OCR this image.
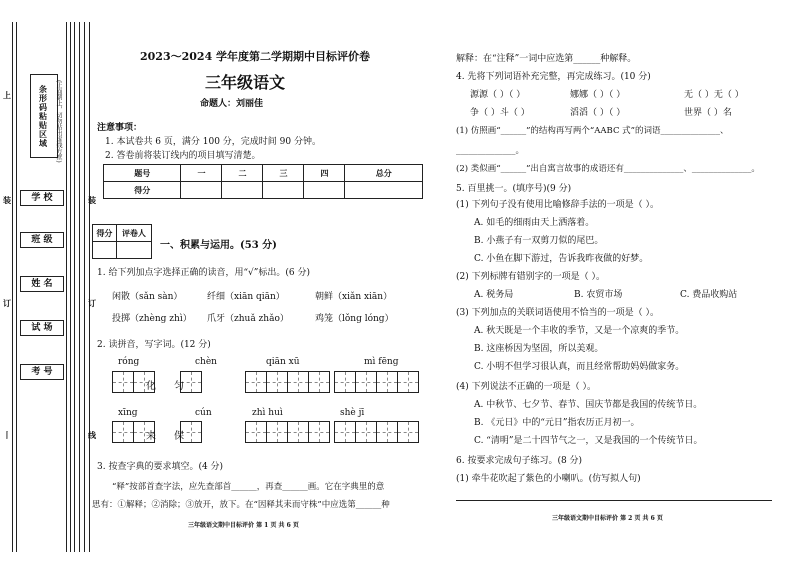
上
装
订
丨
装
订
线
条形码粘贴区域 (正面朝上，切勿贴出虚线方框)
学 校
班 级
姓 名
试 场
考 号
2023～2024 学年度第二学期期中目标评价卷
三年级语文
命题人：刘丽佳
注意事项：
1. 本试卷共 6 页，满分 100 分，完成时间 90 分钟。
2. 答卷前将装订线内的项目填写清楚。
题号	一	二	三	四	总分
得分					
得分	评卷人

一、积累与运用。(53 分)
1. 给下列加点字选择正确的读音，用“√”标出。(6 分)
闲散（sǎn sàn）	纤细（xiān qiān）	朝鲜（xiǎn xiān）
投掷（zhèng zhì） 爪牙（zhuǎ zhǎo）	鸡笼（lǒng lóng）
2. 读拼音，写字词。(12 分)
róng	chèn	qiān xū	mì fēng
化 匀
xīng	cún	zhì huì	shè jī
来 保
3. 按查字典的要求填空。(4 分)
“释”按部首查字法，应先查部首______，再查______画。它在字典里的意
思有：①解释；②消除；③放开，放下。在“因释其耒而守株”中应选第______种
三年级语文期中目标评价 第 1 页 共 6 页
解释：在“注释”一词中应选第______种解释。
4. 先将下列词语补充完整，再完成练习。(10 分)
源源（ ）（ ）	娜娜（ ）（ ）	无（ ）无（ ）
争（ ）斗（ ）	滔滔（ ）（ ）	世界（ ）名
(1) 仿照画“______”的结构再写两个“AABC 式”的词语______________、
______________。
(2) 类似画“______”出自寓言故事的成语还有______________、______________。
5. 百里挑一。(填序号)(9 分)
(1) 下列句子没有使用比喻修辞手法的一项是（ ）。
A. 如毛的细雨由天上洒落着。
B. 小燕子有一双剪刀似的尾巴。
C. 小鱼在脚下游过，告诉我昨夜做的好梦。
(2) 下列标牌有错别字的一项是（ ）。
A. 税务局	B. 农贸市场	C. 费品收购站
(3) 下列加点的关联词语使用不恰当的一项是（ ）。
A. 秋天既是一个丰收的季节，又是一个凉爽的季节。
B. 这座桥因为坚固，所以美观。
C. 小明不但学习很认真，而且经常帮助妈妈做家务。
(4) 下列说法不正确的一项是（ ）。
A. 中秋节、七夕节、春节、国庆节都是我国的传统节日。
B. 《元日》中的“元日”指农历正月初一。
C. “清明”是二十四节气之一，又是我国的一个传统节日。
6. 按要求完成句子练习。(8 分)
(1) 牵牛花吹起了紫色的小喇叭。(仿写拟人句)
三年级语文期中目标评价 第 2 页 共 6 页
